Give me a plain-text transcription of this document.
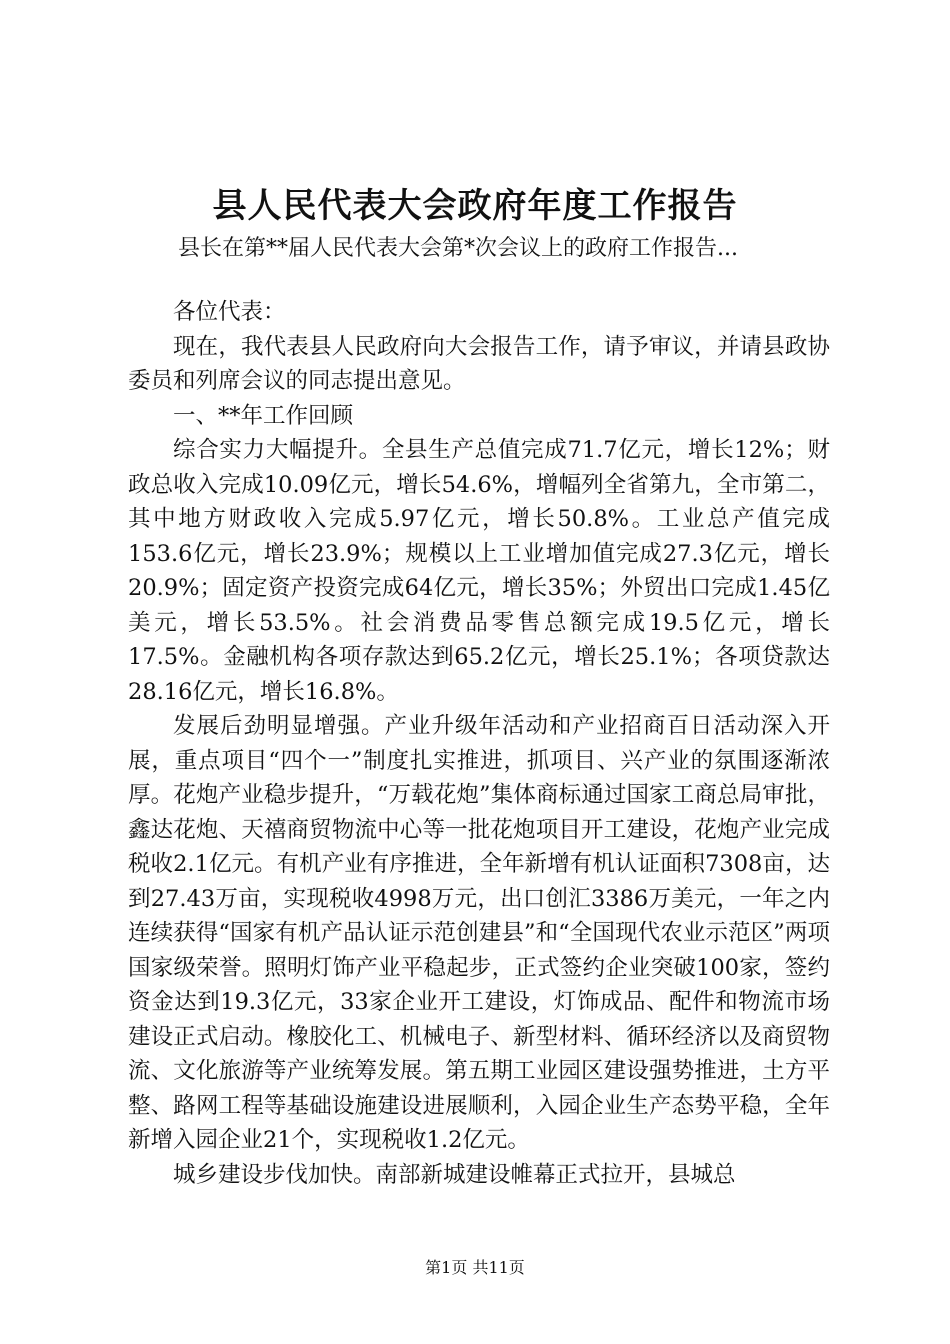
县人民代表大会政府年度工作报告
县长在第**届人民代表大会第*次会议上的政府工作报告...

各位代表：

现在，我代表县人民政府向大会报告工作，请予审议，并请县政协委员和列席会议的同志提出意见。

一、**年工作回顾

综合实力大幅提升。全县生产总值完成71.7亿元，增长12%；财政总收入完成10.09亿元，增长54.6%，增幅列全省第九，全市第二，其中地方财政收入完成5.97亿元，增长50.8%。工业总产值完成153.6亿元，增长23.9%；规模以上工业增加值完成27.3亿元，增长20.9%；固定资产投资完成64亿元，增长35%；外贸出口完成1.45亿美元，增长53.5%。社会消费品零售总额完成19.5亿元，增长17.5%。金融机构各项存款达到65.2亿元，增长25.1%；各项贷款达28.16亿元，增长16.8%。

发展后劲明显增强。产业升级年活动和产业招商百日活动深入开展，重点项目“四个一”制度扎实推进，抓项目、兴产业的氛围逐渐浓厚。花炮产业稳步提升，“万载花炮”集体商标通过国家工商总局审批，鑫达花炮、天禧商贸物流中心等一批花炮项目开工建设，花炮产业完成税收2.1亿元。有机产业有序推进，全年新增有机认证面积7308亩，达到27.43万亩，实现税收4998万元，出口创汇3386万美元，一年之内连续获得“国家有机产品认证示范创建县”和“全国现代农业示范区”两项国家级荣誉。照明灯饰产业平稳起步，正式签约企业突破100家，签约资金达到19.3亿元，33家企业开工建设，灯饰成品、配件和物流市场建设正式启动。橡胶化工、机械电子、新型材料、循环经济以及商贸物流、文化旅游等产业统筹发展。第五期工业园区建设强势推进，土方平整、路网工程等基础设施建设进展顺利，入园企业生产态势平稳，全年新增入园企业21个，实现税收1.2亿元。

城乡建设步伐加快。南部新城建设帷幕正式拉开，县城总

第1页 共11页
